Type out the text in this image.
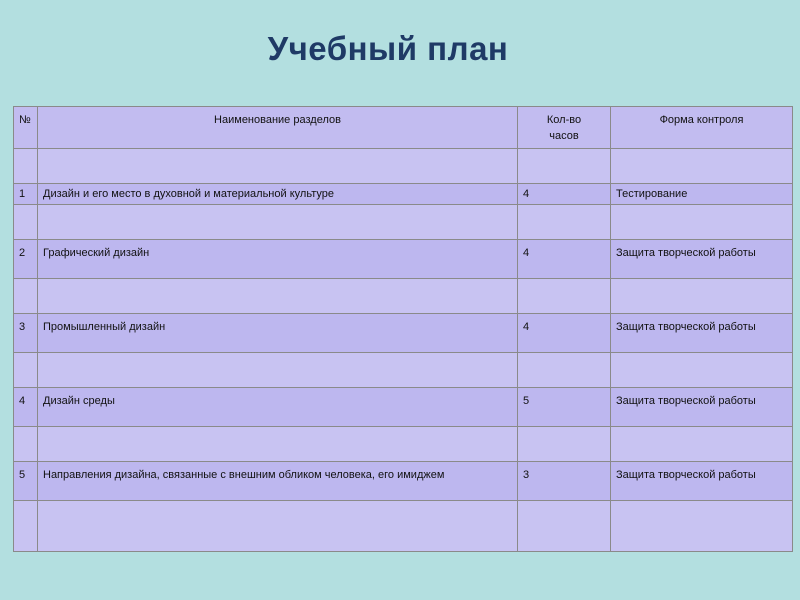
Учебный план
№	Наименование разделов	Кол-во часов	Форма контроля

1	Дизайн и его место в духовной и материальной культуре	4	Тестирование

2	Графический дизайн	4	Защита творческой работы

3	Промышленный дизайн	4	Защита творческой работы

4	Дизайн среды	5	Защита творческой работы

5	Направления дизайна, связанные с внешним обликом человека, его имиджем	3	Защита творческой работы
